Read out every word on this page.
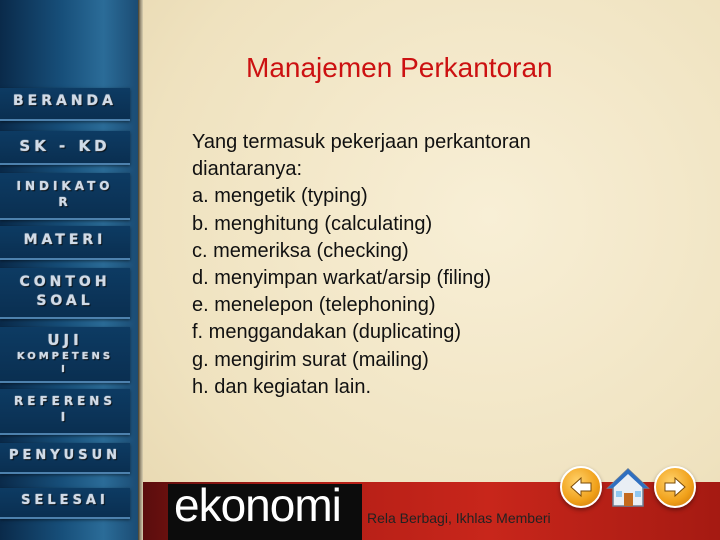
BERANDA
SK - KD
INDIKATO
R
MATERI
CONTOH
SOAL
UJI
KOMPETENS
I
REFERENS
I
PENYUSUN
SELESAI
Manajemen Perkantoran
Yang termasuk pekerjaan perkantoran
diantaranya:
a. mengetik (typing)
b. menghitung (calculating)
c. memeriksa (checking)
d. menyimpan warkat/arsip (filing)
e. menelepon (telephoning)
f. menggandakan (duplicating)
g. mengirim surat (mailing)
h. dan kegiatan lain.
ekonomi Rela Berbagi, Ikhlas Memberi
